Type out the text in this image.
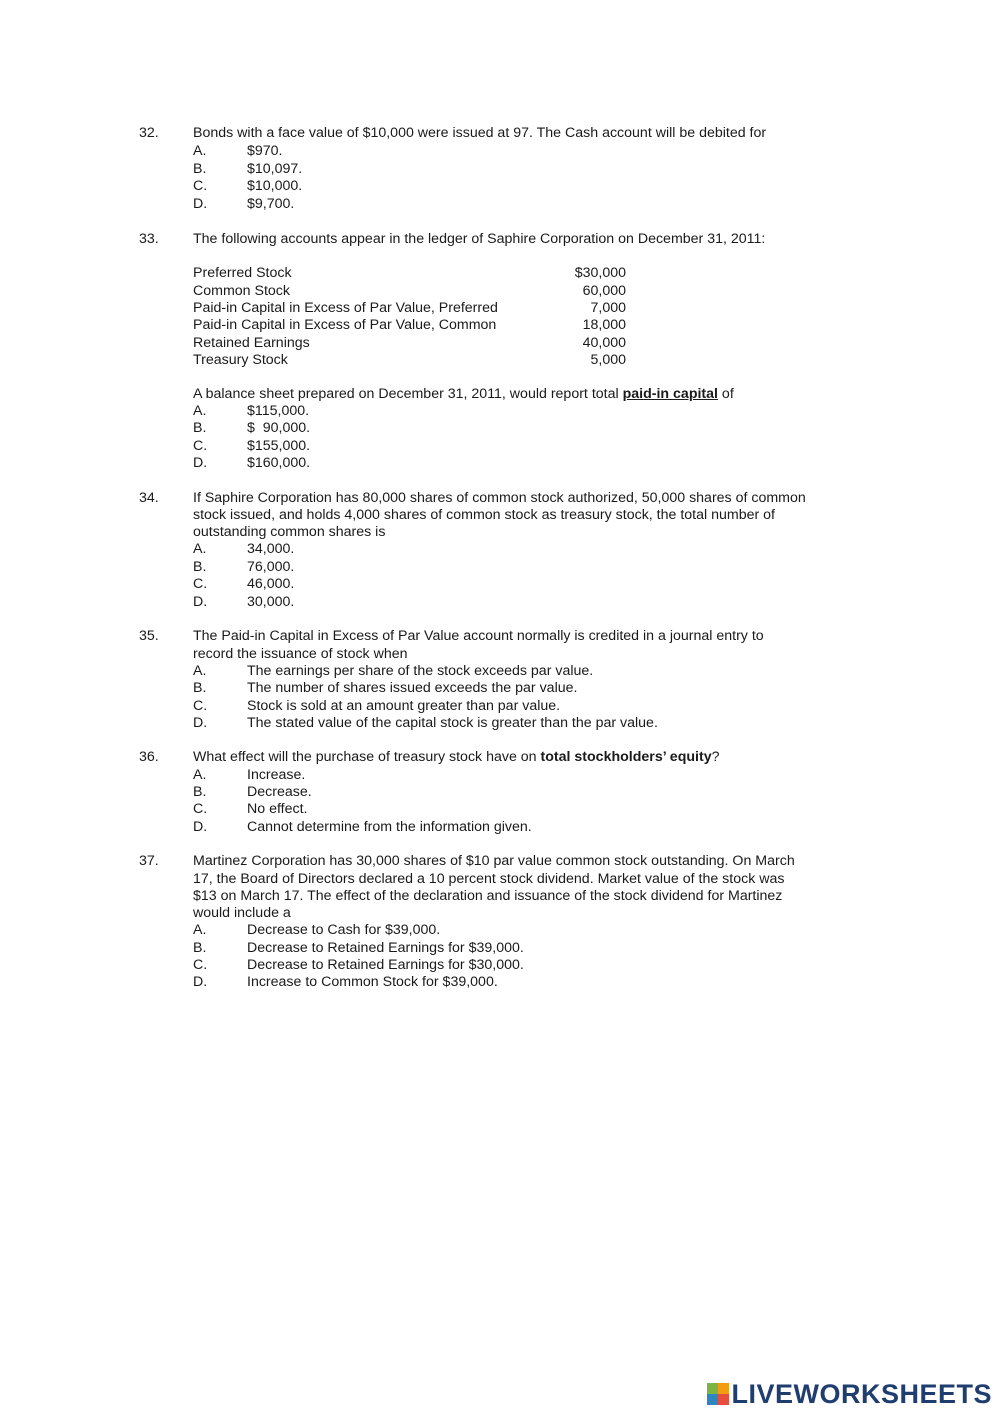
32. Bonds with a face value of $10,000 were issued at 97. The Cash account will be debited for
A.	$970.
B.	$10,097.
C.	$10,000.
D.	$9,700.
33. The following accounts appear in the ledger of Saphire Corporation on December 31, 2011:
Preferred Stock	$30,000
Common Stock	60,000
Paid-in Capital in Excess of Par Value, Preferred	7,000
Paid-in Capital in Excess of Par Value, Common	18,000
Retained Earnings	40,000
Treasury Stock	5,000
A balance sheet prepared on December 31, 2011, would report total paid-in capital of
A.	$115,000.
B.	$  90,000.
C.	$155,000.
D.	$160,000.
34. If Saphire Corporation has 80,000 shares of common stock authorized, 50,000 shares of common
stock issued, and holds 4,000 shares of common stock as treasury stock, the total number of
outstanding common shares is
A.	34,000.
B.	76,000.
C.	46,000.
D.	30,000.
35. The Paid-in Capital in Excess of Par Value account normally is credited in a journal entry to
record the issuance of stock when
A.	The earnings per share of the stock exceeds par value.
B.	The number of shares issued exceeds the par value.
C.	Stock is sold at an amount greater than par value.
D.	The stated value of the capital stock is greater than the par value.
36. What effect will the purchase of treasury stock have on total stockholders’ equity?
A.	Increase.
B.	Decrease.
C.	No effect.
D.	Cannot determine from the information given.
37. Martinez Corporation has 30,000 shares of $10 par value common stock outstanding. On March
17, the Board of Directors declared a 10 percent stock dividend. Market value of the stock was
$13 on March 17. The effect of the declaration and issuance of the stock dividend for Martinez
would include a
A.	Decrease to Cash for $39,000.
B.	Decrease to Retained Earnings for $39,000.
C.	Decrease to Retained Earnings for $30,000.
D.	Increase to Common Stock for $39,000.
LIVEWORKSHEETS
